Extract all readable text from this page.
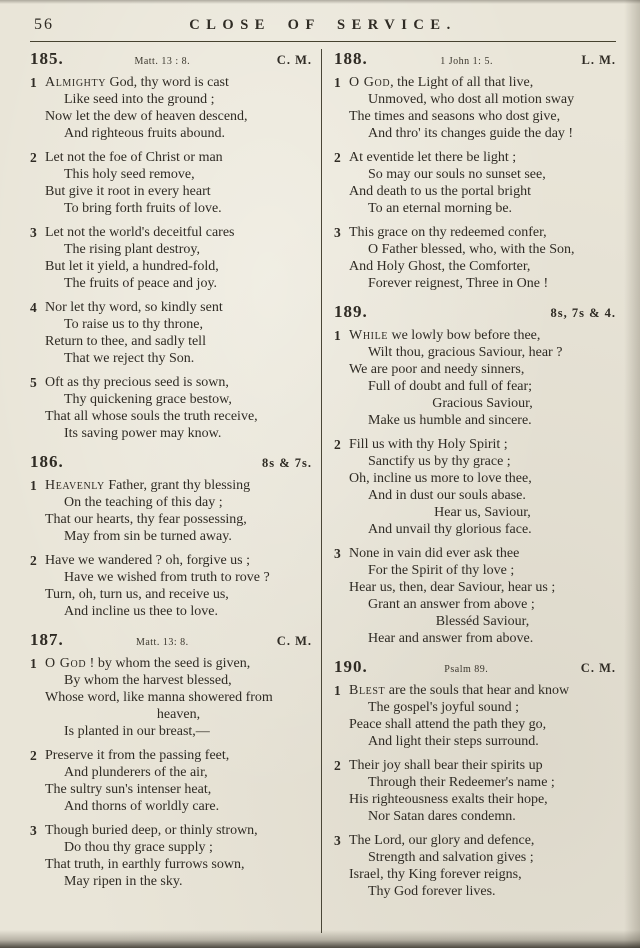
56	CLOSE OF SERVICE.
185.	Matt. 13 : 8.	C. M.
1 Almighty God, thy word is cast
Like seed into the ground ;
Now let the dew of heaven descend,
And righteous fruits abound.
2 Let not the foe of Christ or man
This holy seed remove,
But give it root in every heart
To bring forth fruits of love.
3 Let not the world's deceitful cares
The rising plant destroy,
But let it yield, a hundred-fold,
The fruits of peace and joy.
4 Nor let thy word, so kindly sent
To raise us to thy throne,
Return to thee, and sadly tell
That we reject thy Son.
5 Oft as thy precious seed is sown,
Thy quickening grace bestow,
That all whose souls the truth receive,
Its saving power may know.
186.	8s & 7s.
1 Heavenly Father, grant thy blessing
On the teaching of this day ;
That our hearts, thy fear possessing,
May from sin be turned away.
2 Have we wandered ? oh, forgive us ;
Have we wished from truth to rove ?
Turn, oh, turn us, and receive us,
And incline us thee to love.
187.	Matt. 13: 8.	C. M.
1 O God ! by whom the seed is given,
By whom the harvest blessed,
Whose word, like manna showered from
heaven,
Is planted in our breast,—
2 Preserve it from the passing feet,
And plunderers of the air,
The sultry sun's intenser heat,
And thorns of worldly care.
3 Though buried deep, or thinly strown,
Do thou thy grace supply ;
That truth, in earthly furrows sown,
May ripen in the sky.
188.	1 John 1: 5.	L. M.
1 O God, the Light of all that live,
Unmoved, who dost all motion sway
The times and seasons who dost give,
And thro' its changes guide the day !
2 At eventide let there be light ;
So may our souls no sunset see,
And death to us the portal bright
To an eternal morning be.
3 This grace on thy redeemed confer,
O Father blessed, who, with the Son,
And Holy Ghost, the Comforter,
Forever reignest, Three in One !
189.	8s, 7s & 4.
1 While we lowly bow before thee,
Wilt thou, gracious Saviour, hear ?
We are poor and needy sinners,
Full of doubt and full of fear;
Gracious Saviour,
Make us humble and sincere.
2 Fill us with thy Holy Spirit ;
Sanctify us by thy grace ;
Oh, incline us more to love thee,
And in dust our souls abase.
Hear us, Saviour,
And unvail thy glorious face.
3 None in vain did ever ask thee
For the Spirit of thy love ;
Hear us, then, dear Saviour, hear us ;
Grant an answer from above ;
Blesséd Saviour,
Hear and answer from above.
190.	Psalm 89.	C. M.
1 Blest are the souls that hear and know
The gospel's joyful sound ;
Peace shall attend the path they go,
And light their steps surround.
2 Their joy shall bear their spirits up
Through their Redeemer's name ;
His righteousness exalts their hope,
Nor Satan dares condemn.
3 The Lord, our glory and defence,
Strength and salvation gives ;
Israel, thy King forever reigns,
Thy God forever lives.
